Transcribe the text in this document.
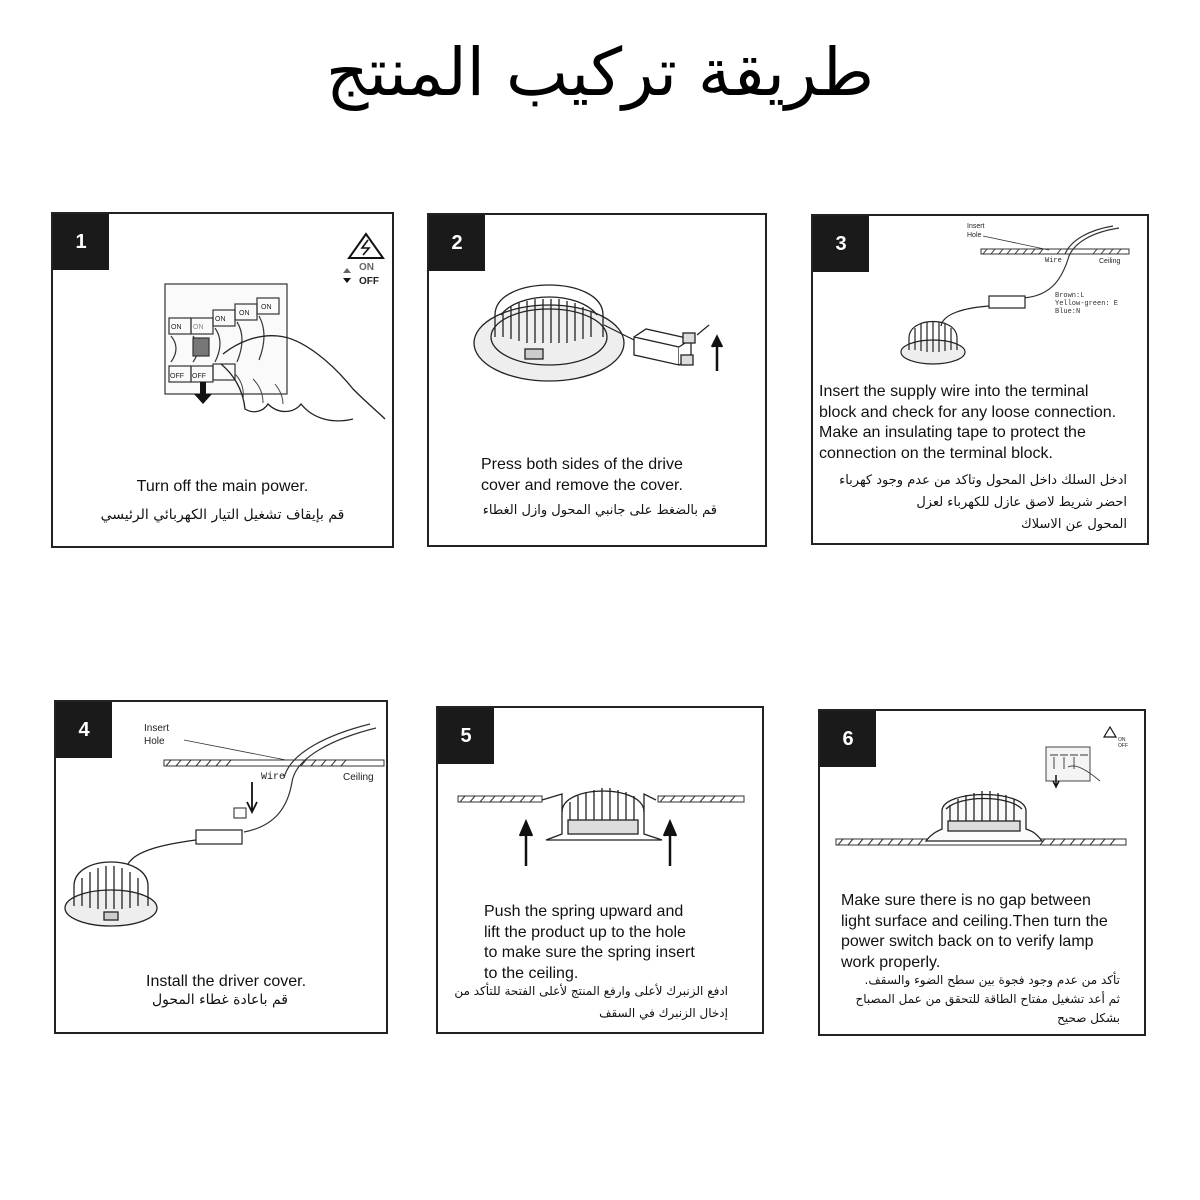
طريقة تركيب المنتج
1
ON
OFF
ON ON
ON
ON
ON
OFF OFF
Turn off the main power.
قم بإيقاف تشغيل التيار الكهربائي الرئيسي
2
Press both sides of the drive
cover and remove the cover.
قم بالضغط على جانبي المحول وازل الغطاء
3
Insert
Hole
Wire	Ceiling
Brown:L
Yellow-green: E
Blue:N
Insert the supply wire into the terminal
block and check for any loose connection.
Make an insulating tape to protect the
connection on the terminal block.
ادخل السلك داخل المحول وتاكد من عدم وجود كهرباء
احضر شريط لاصق عازل للكهرباء لعزل
المحول عن الاسلاك
4	Insert
Hole
Wire	Ceiling
Install the driver cover.
قم باعادة غطاء المحول
5
Push the spring upward and
lift the product up to the hole
to make sure the spring insert
to the ceiling.
ادفع الزنبرك لأعلى وارفع المنتج لأعلى الفتحة للتأكد من
إدخال الزنبرك في السقف
6	ON
OFF
Make sure there is no gap between
light surface and ceiling.Then turn the
power switch back on to verify lamp
work properly.
تأكد من عدم وجود فجوة بين سطح الضوء والسقف.
ثم أعد تشغيل مفتاح الطاقة للتحقق من عمل المصباح
بشكل صحيح
